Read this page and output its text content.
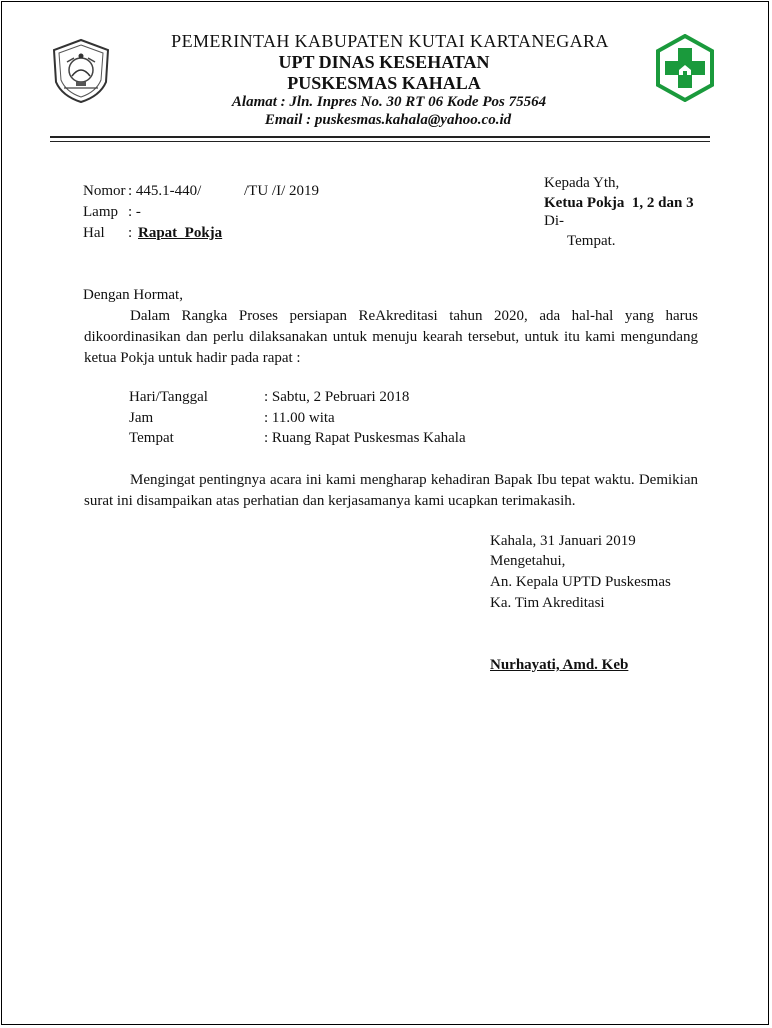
PEMERINTAH KABUPATEN KUTAI KARTANEGARA
UPT DINAS KESEHATAN
PUSKESMAS KAHALA
Alamat : Jln. Inpres No. 30 RT 06 Kode Pos 75564
Email : puskesmas.kahala@yahoo.co.id
Nomor : 445.1-440/	/TU /I/ 2019
Lamp : -
Hal : Rapat  Pokja
Kepada Yth,
Ketua Pokja  1, 2 dan 3
Di-
Tempat.
Dengan Hormat,
Dalam Rangka Proses persiapan ReAkreditasi tahun 2020, ada hal-hal yang harus dikoordinasikan dan perlu dilaksanakan untuk menuju kearah tersebut, untuk itu kami mengundang ketua Pokja untuk hadir pada rapat :
Hari/Tanggal	: Sabtu, 2 Pebruari 2018
Jam	: 11.00 wita
Tempat	: Ruang Rapat Puskesmas Kahala
Mengingat pentingnya acara ini kami mengharap kehadiran Bapak Ibu tepat waktu. Demikian surat ini disampaikan atas perhatian dan kerjasamanya kami ucapkan terimakasih.
Kahala, 31 Januari 2019
Mengetahui,
An. Kepala UPTD Puskesmas
Ka. Tim Akreditasi
Nurhayati, Amd. Keb
